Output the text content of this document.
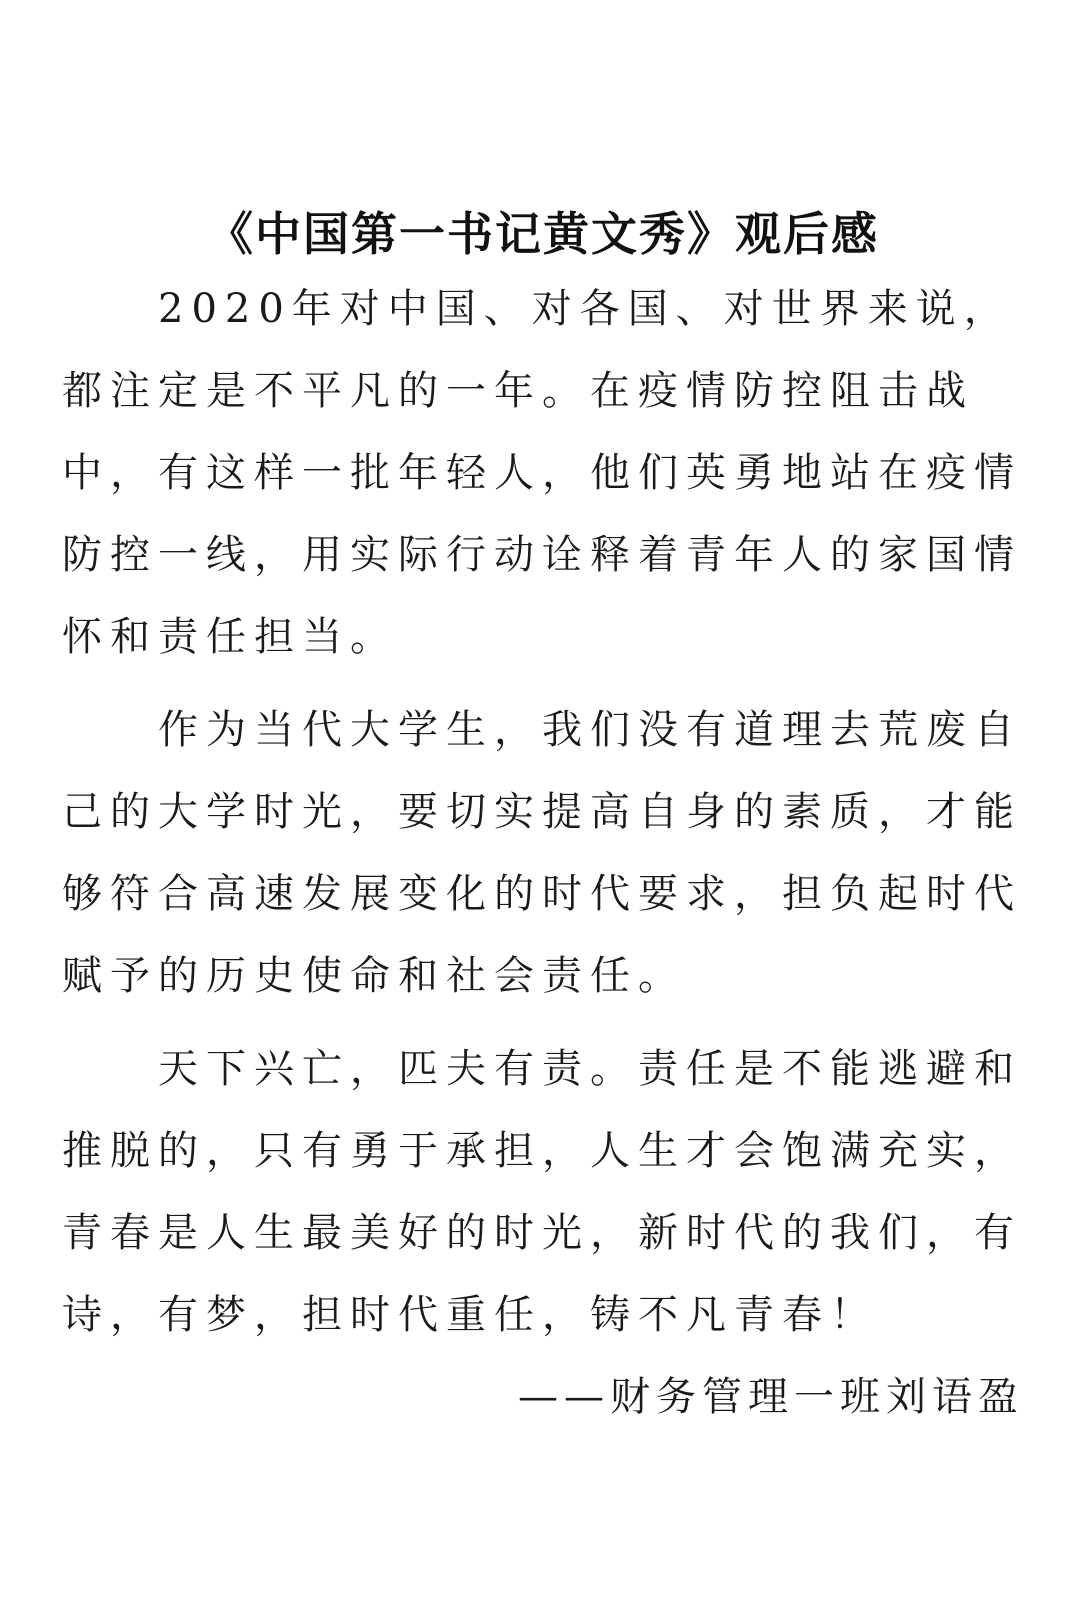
《中国第一书记黄文秀》观后感

2020年对中国、对各国、对世界来说，都注定是不平凡的一年。在疫情防控阻击战中，有这样一批年轻人，他们英勇地站在疫情防控一线，用实际行动诠释着青年人的家国情怀和责任担当。

作为当代大学生，我们没有道理去荒废自己的大学时光，要切实提高自身的素质，才能够符合高速发展变化的时代要求，担负起时代赋予的历史使命和社会责任。

天下兴亡，匹夫有责。责任是不能逃避和推脱的，只有勇于承担，人生才会饱满充实，青春是人生最美好的时光，新时代的我们，有诗，有梦，担时代重任，铸不凡青春！

——财务管理一班刘语盈
